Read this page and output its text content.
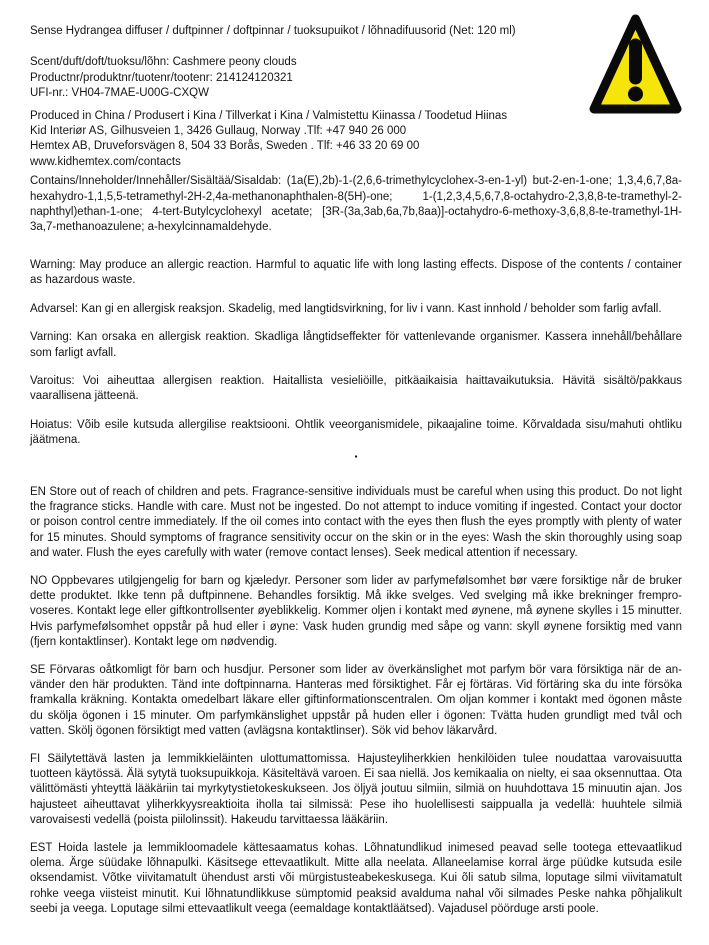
Sense Hydrangea diffuser / duftpinner / doftpinnar / tuoksupuikot / lõhnadifuusorid (Net: 120 ml)

Scent/duft/doft/tuoksu/lõhn: Cashmere peony clouds

Productnr/produktnr/tuotenr/tootenr: 214124120321

UFI-nr.: VH04-7MAE-U00G-CXQW

Produced in China / Produsert i Kina / Tillverkat i Kina / Valmistettu Kiinassa / Toodetud Hiinas

Kid Interiør AS, Gilhusveien 1, 3426 Gullaug, Norway .Tlf: +47 940 26 000

Hemtex AB, Druveforsvägen 8, 504 33 Borås, Sweden . Tlf: +46 33 20 69 00

www.kidhemtex.com/contacts

Contains/Inneholder/Innehåller/Sisältää/Sisaldab: (1a(E),2b)-1-(2,6,6-trimethylcyclohex-3-en-1-yl) but-2-en-1-one; 1,3,4,6,7,8a-hexahydro-1,1,5,5-tetramethyl-2H-2,4a-methanonaphthalen-8(5H)-one; 1-(1,2,3,4,5,6,7,8-octahydro-2,3,8,8-te-tramethyl-2-naphthyl)ethan-1-one; 4-tert-Butylcyclohexyl acetate; [3R-(3a,3ab,6a,7b,8aa)]-octahydro-6-methoxy-3,6,8,8-te-tramethyl-1H-3a,7-methanoazulene; a-hexylcinnamaldehyde.

Warning: May produce an allergic reaction. Harmful to aquatic life with long lasting effects. Dispose of the contents / container as hazardous waste.

Advarsel: Kan gi en allergisk reaksjon. Skadelig, med langtidsvirkning, for liv i vann. Kast innhold / beholder som farlig avfall.

Varning: Kan orsaka en allergisk reaktion. Skadliga långtidseffekter för vattenlevande organismer. Kassera innehåll/behållare som farligt avfall.

Varoitus: Voi aiheuttaa allergisen reaktion. Haitallista vesieliöille, pitkäaikaisia haittavaikutuksia. Hävitä sisältö/pakkaus vaarallisena jätteenä.

Hoiatus: Võib esile kutsuda allergilise reaktsiooni. Ohtlik veeorganismidele, pikaajaline toime. Kõrvaldada sisu/mahuti ohtliku jäätmena.

▪

EN Store out of reach of children and pets. Fragrance-sensitive individuals must be careful when using this product. Do not light the fragrance sticks. Handle with care. Must not be ingested. Do not attempt to induce vomiting if ingested. Contact your doctor or poison control centre immediately. If the oil comes into contact with the eyes then flush the eyes promptly with plenty of water for 15 minutes. Should symptoms of fragrance sensitivity occur on the skin or in the eyes: Wash the skin thoroughly using soap and water. Flush the eyes carefully with water (remove contact lenses). Seek medical attention if necessary.

NO Oppbevares utilgjengelig for barn og kjæledyr. Personer som lider av parfymefølsomhet bør være forsiktige når de bruker dette produktet. Ikke tenn på duftpinnene. Behandles forsiktig. Må ikke svelges. Ved svelging må ikke brekninger frempro-voseres. Kontakt lege eller giftkontrollsenter øyeblikkelig. Kommer oljen i kontakt med øynene, må øynene skylles i 15 minutter. Hvis parfymefølsomhet oppstår på hud eller i øyne: Vask huden grundig med såpe og vann: skyll øynene forsiktig med vann (fjern kontaktlinser). Kontakt lege om nødvendig.

SE Förvaras oåtkomligt för barn och husdjur. Personer som lider av överkänslighet mot parfym bör vara försiktiga när de an-vänder den här produkten. Tänd inte doftpinnarna. Hanteras med försiktighet. Får ej förtäras. Vid förtäring ska du inte försöka framkalla kräkning. Kontakta omedelbart läkare eller giftinformationscentralen. Om oljan kommer i kontakt med ögonen måste du skölja ögonen i 15 minuter. Om parfymkänslighet uppstår på huden eller i ögonen: Tvätta huden grundligt med tvål och vatten. Skölj ögonen försiktigt med vatten (avlägsna kontaktlinser). Sök vid behov läkarvård.

FI Säilytettävä lasten ja lemmikkieläinten ulottumattomissa. Hajusteyliherkkien henkilöiden tulee noudattaa varovaisuutta tuotteen käytössä. Älä sytytä tuoksupuikkoja. Käsiteltävä varoen. Ei saa niellä. Jos kemikaalia on nielty, ei saa oksennuttaa. Ota välittömästi yhteyttä lääkäriin tai myrkytystietokeskukseen. Jos öljyä joutuu silmiin, silmiä on huuhdottava 15 minuutin ajan. Jos hajusteet aiheuttavat yliherkkyysreaktioita iholla tai silmissä: Pese iho huolellisesti saippualla ja vedellä: huuhtele silmiä varovaisesti vedellä (poista piilolinssit). Hakeudu tarvittaessa lääkäriin.

EST Hoida lastele ja lemmikloomadele kättesaamatus kohas. Lõhnatundlikud inimesed peavad selle tootega ettevaatlikud olema. Ärge süüdake lõhnapulki. Käsitsege ettevaatlikult. Mitte alla neelata. Allaneelamise korral ärge püüdke kutsuda esile oksendamist. Võtke viivitamatult ühendust arsti või mürgistusteabekeskusega. Kui õli satub silma, loputage silmi viivitamatult rohke veega viisteist minutit. Kui lõhnatundlikkuse sümptomid peaksid avalduma nahal või silmades Peske nahka põhjalikult seebi ja veega. Loputage silmi ettevaatlikult veega (eemaldage kontaktläätsed). Vajadusel pöörduge arsti poole.
